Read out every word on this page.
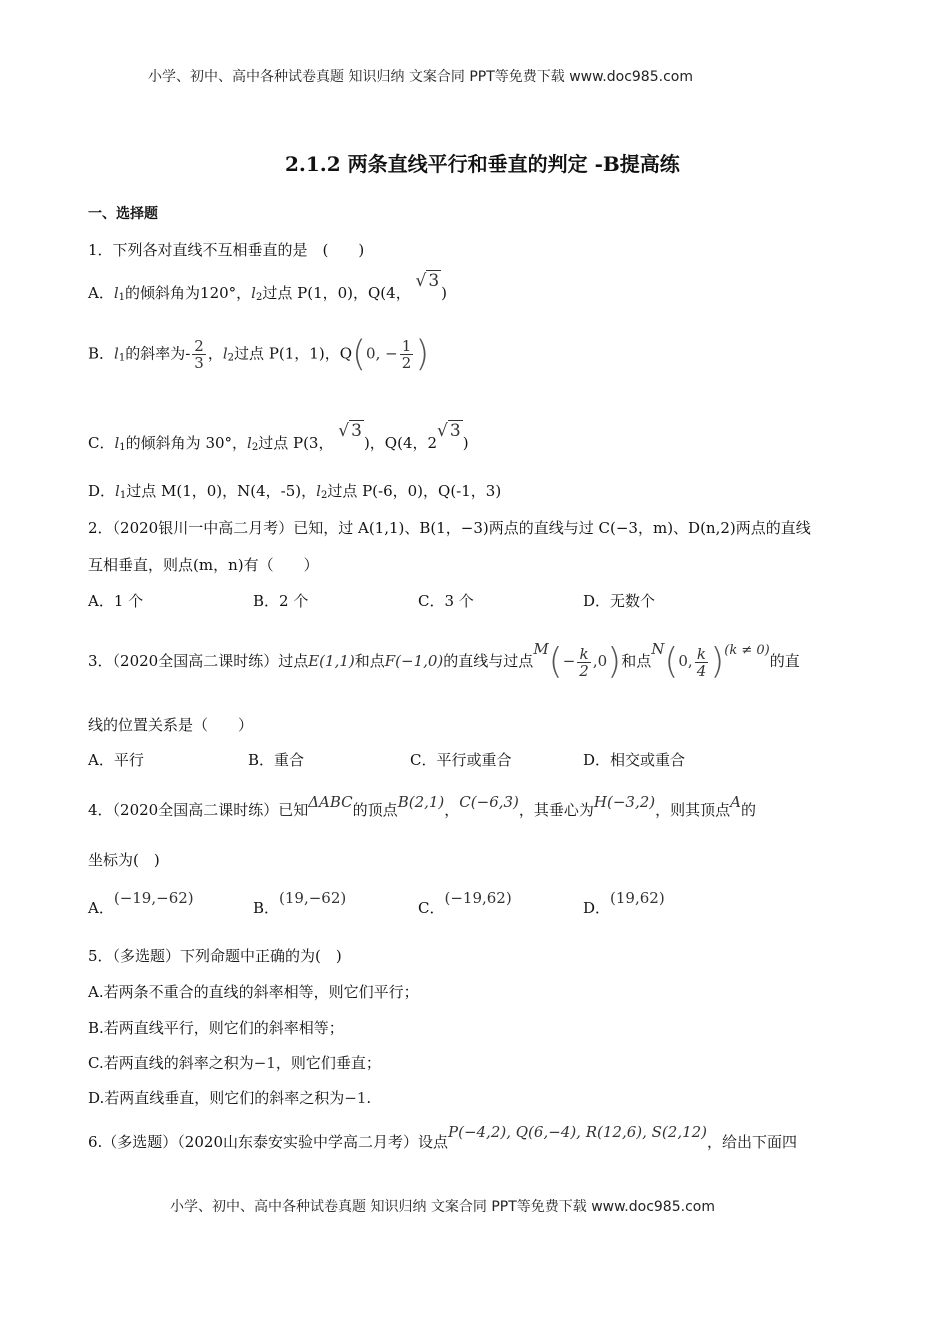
小学、初中、高中各种试卷真题 知识归纳 文案合同 PPT等免费下载 www.doc985.com
2.1.2 两条直线平行和垂直的判定 -B提高练
一、选择题
1．下列各对直线不互相垂直的是　(　　)
A．$l_1$的倾斜角为120°，$l_2$过点 P(1，0)，Q(4， √ 3)
B．$l_1$的斜率为- $\frac{2}{3}$ ，$l_2$过点 P(1，1)，Q(0, − $\frac{1}{2}$ )
C．$l_1$的倾斜角为 30°，$l_2$过点 P(3， √ 3)，Q(4，2√ 3)
D．$l_1$过点 M(1，0)，N(4，-5)，$l_2$过点 P(-6，0)，Q(-1，3)
2．（2020银川一中高二月考）已知，过 A(1,1)、B(1，−3)两点的直线与过 C(−3，m)、D(n,2)两点的直线
互相垂直，则点(m，n)有（　　）
A．1 个	B．2 个	C．3 个	D．无数个
3．（2020全国高二课时练）过点E(1,1)和点F(−1,0)的直线与过点$M(- \frac{k}{2} ,0)$和点N(0, $\frac{k}{4} )(k \ne 0)$的直
线的位置关系是（　　）
A．平行	B．重合	C．平行或重合	D．相交或重合
4．（2020全国高二课时练）已知ΔABC的顶点B(2,1)，C(−6,3)，其垂心为H(−3,2)，则其顶点A的
坐标为(　)
A．(−19,−62)
B．(19,−62)
C．(−19,62)
D．(19,62)
5．（多选题）下列命题中正确的为(　)
A.若两条不重合的直线的斜率相等，则它们平行；
B.若两直线平行，则它们的斜率相等；
C.若两直线的斜率之积为−1，则它们垂直；
D.若两直线垂直，则它们的斜率之积为−1.
6.（多选题）（2020山东泰安实验中学高二月考）设点P(−4,2), Q(6,−4), R(12,6), S(2,12)，给出下面四
小学、初中、高中各种试卷真题 知识归纳 文案合同 PPT等免费下载 www.doc985.com
